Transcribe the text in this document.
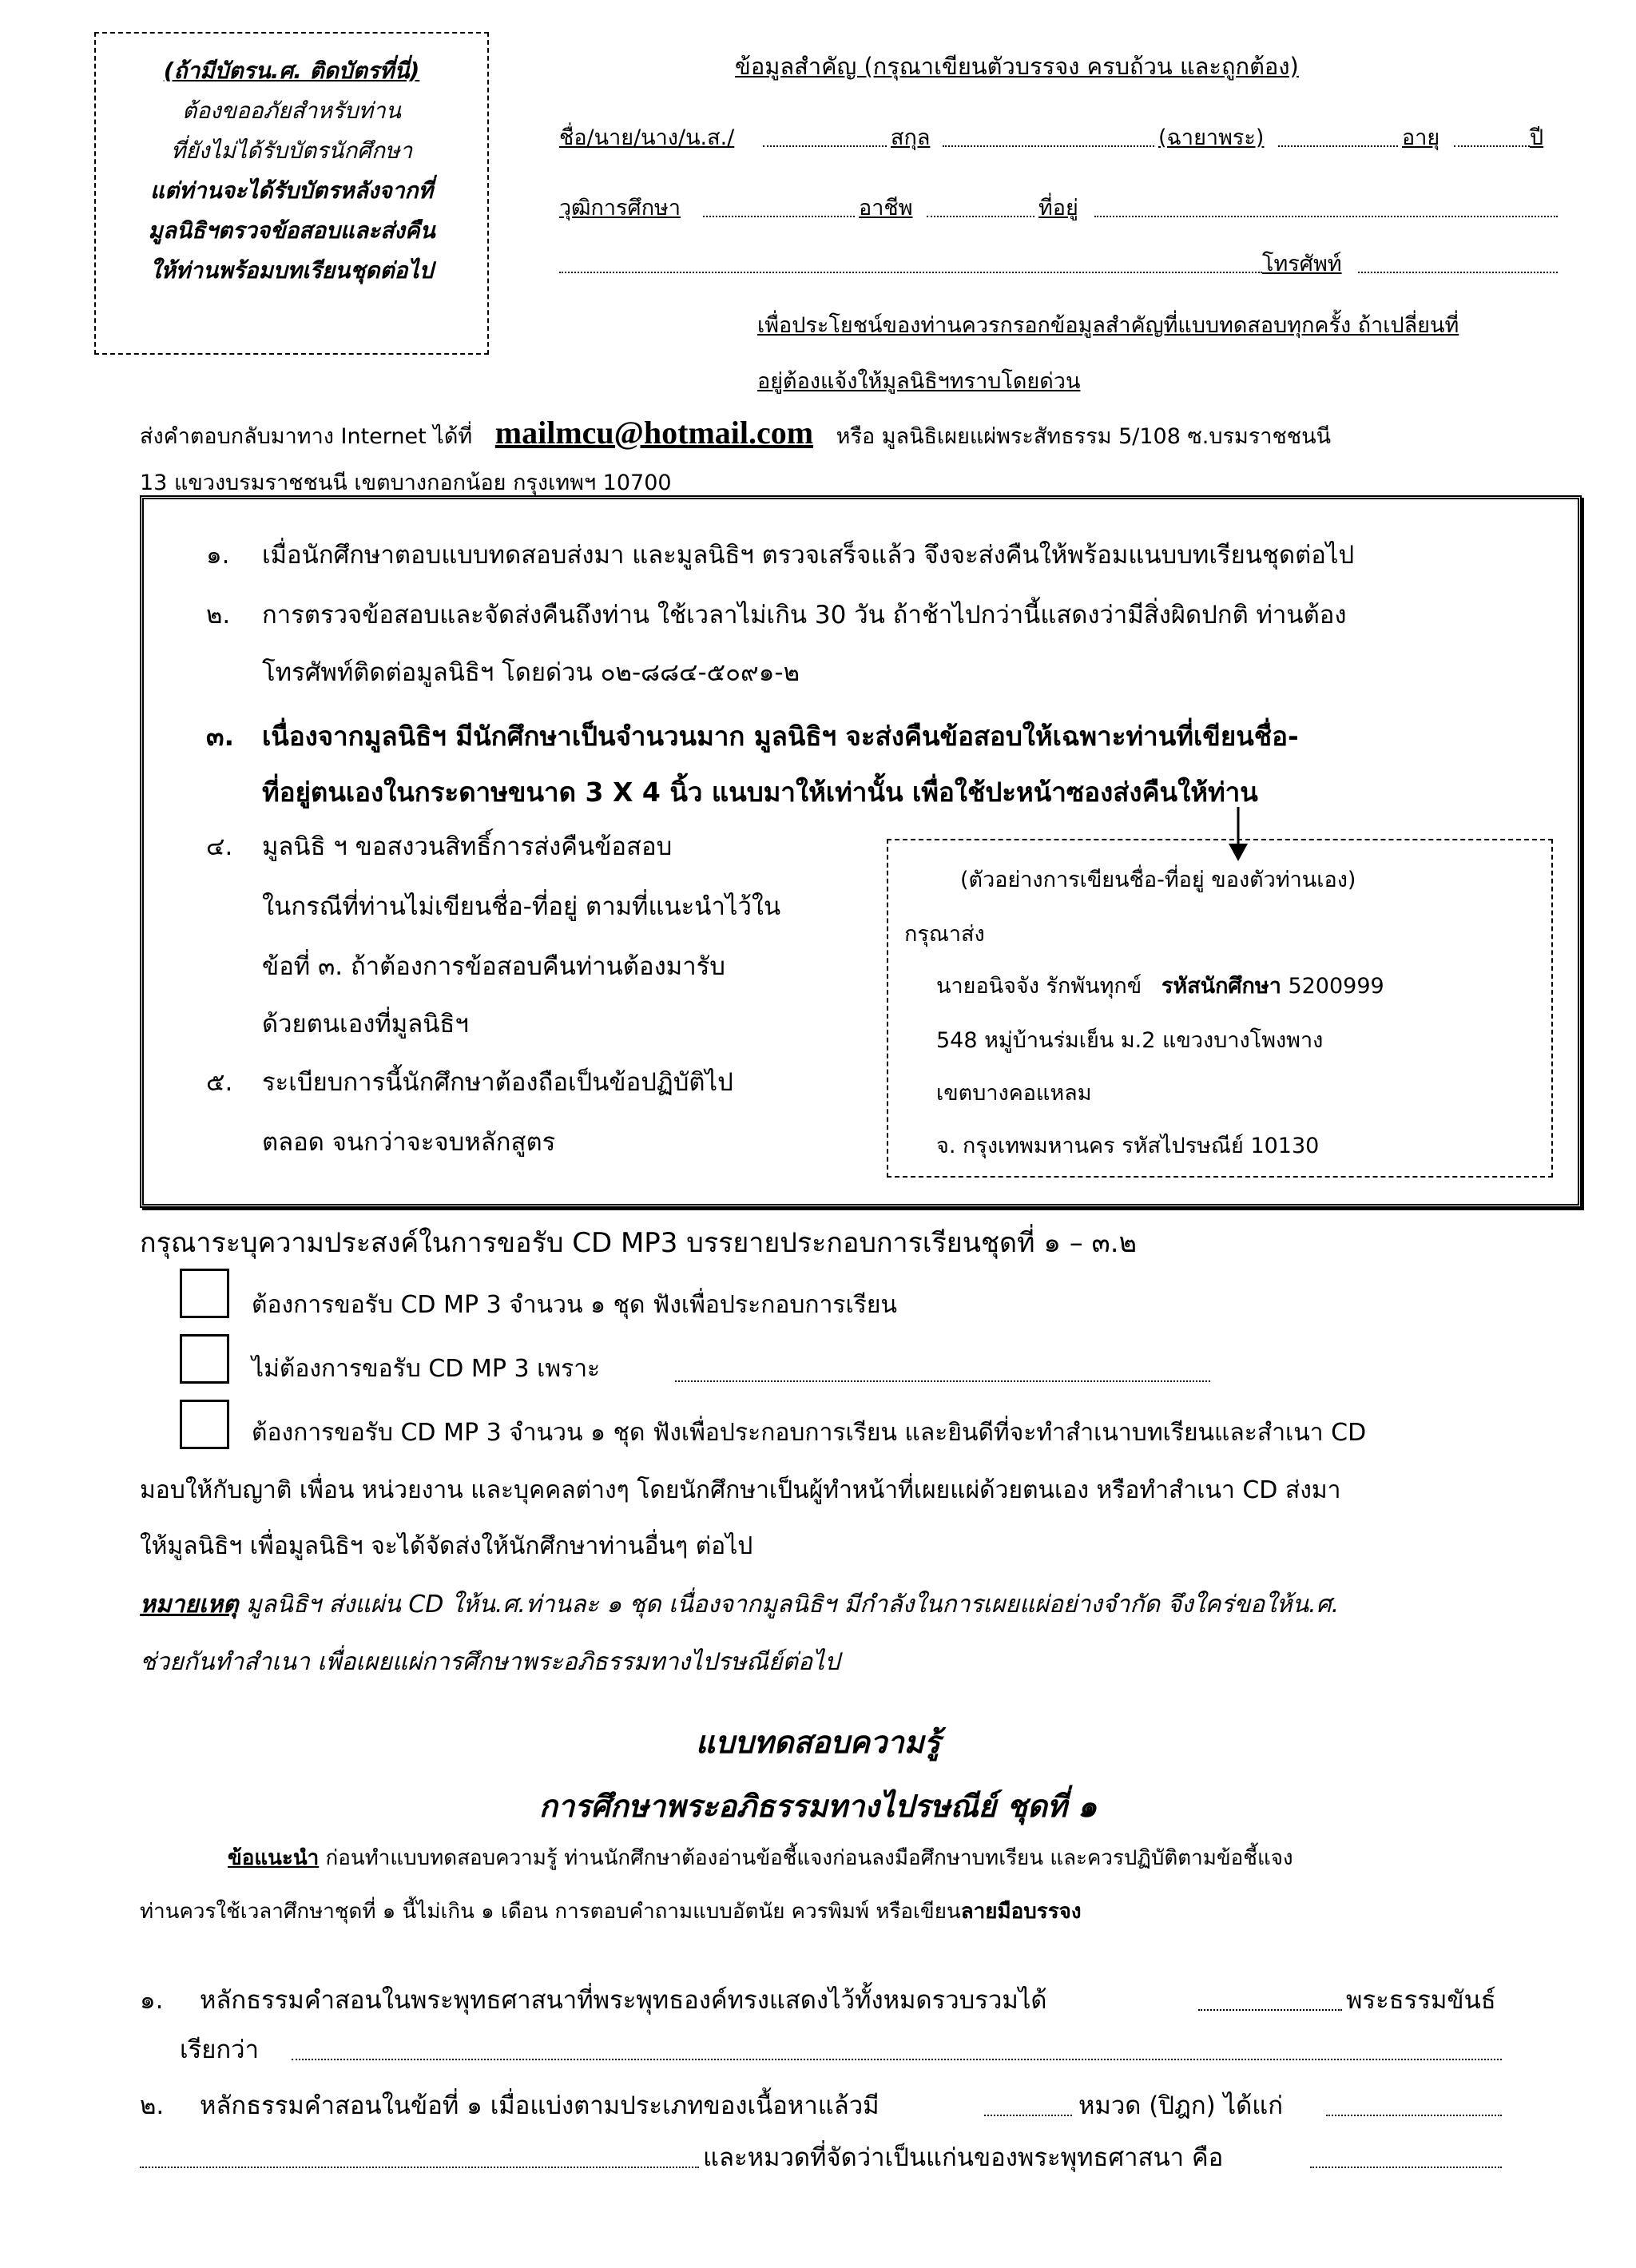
(ถ้ามีบัตรน.ศ. ติดบัตรที่นี่)
ต้องขออภัยสำหรับท่าน
ที่ยังไม่ได้รับบัตรนักศึกษา
แต่ท่านจะได้รับบัตรหลังจากที่
มูลนิธิฯตรวจข้อสอบและส่งคืน
ให้ท่านพร้อมบทเรียนชุดต่อไป
ข้อมูลสำคัญ (กรุณาเขียนตัวบรรจง ครบถ้วน และถูกต้อง)
ชื่อ/นาย/นาง/น.ส./	สกุล	(ฉายาพระ)	อายุ	ปี
วุฒิการศึกษา	อาชีพ	ที่อยู่
โทรศัพท์
เพื่อประโยชน์ของท่านควรกรอกข้อมูลสำคัญที่แบบทดสอบทุกครั้ง ถ้าเปลี่ยนที่
อยู่ต้องแจ้งให้มูลนิธิฯทราบโดยด่วน
ส่งคำตอบกลับมาทาง Internet ได้ที่ mailmcu@hotmail.com หรือ มูลนิธิเผยแผ่พระสัทธรรม 5/108 ซ.บรมราชชนนี
13 แขวงบรมราชชนนี เขตบางกอกน้อย กรุงเทพฯ 10700
๑. เมื่อนักศึกษาตอบแบบทดสอบส่งมา และมูลนิธิฯ ตรวจเสร็จแล้ว จึงจะส่งคืนให้พร้อมแนบบทเรียนชุดต่อไป
๒. การตรวจข้อสอบและจัดส่งคืนถึงท่าน ใช้เวลาไม่เกิน 30 วัน ถ้าช้าไปกว่านี้แสดงว่ามีสิ่งผิดปกติ ท่านต้อง
โทรศัพท์ติดต่อมูลนิธิฯ โดยด่วน ๐๒-๘๘๔-๕๐๙๑-๒
๓. เนื่องจากมูลนิธิฯ มีนักศึกษาเป็นจำนวนมาก มูลนิธิฯ จะส่งคืนข้อสอบให้เฉพาะท่านที่เขียนชื่อ-
ที่อยู่ตนเองในกระดาษขนาด 3 X 4 นิ้ว แนบมาให้เท่านั้น เพื่อใช้ปะหน้าซองส่งคืนให้ท่าน
๔. มูลนิธิ ฯ ขอสงวนสิทธิ์การส่งคืนข้อสอบ
ในกรณีที่ท่านไม่เขียนชื่อ-ที่อยู่ ตามที่แนะนำไว้ใน
ข้อที่ ๓. ถ้าต้องการข้อสอบคืนท่านต้องมารับ
ด้วยตนเองที่มูลนิธิฯ
๕. ระเบียบการนี้นักศึกษาต้องถือเป็นข้อปฏิบัติไป
ตลอด จนกว่าจะจบหลักสูตร
(ตัวอย่างการเขียนชื่อ-ที่อยู่ ของตัวท่านเอง)
กรุณาส่ง
นายอนิจจัง รักพันทุกข์ รหัสนักศึกษา 5200999
548 หมู่บ้านร่มเย็น ม.2 แขวงบางโพงพาง
เขตบางคอแหลม
จ. กรุงเทพมหานคร รหัสไปรษณีย์ 10130
กรุณาระบุความประสงค์ในการขอรับ CD MP3 บรรยายประกอบการเรียนชุดที่ ๑ – ๓.๒
ต้องการขอรับ CD MP 3 จำนวน ๑ ชุด ฟังเพื่อประกอบการเรียน
ไม่ต้องการขอรับ CD MP 3 เพราะ
ต้องการขอรับ CD MP 3 จำนวน ๑ ชุด ฟังเพื่อประกอบการเรียน และยินดีที่จะทำสำเนาบทเรียนและสำเนา CD
มอบให้กับญาติ เพื่อน หน่วยงาน และบุคคลต่างๆ โดยนักศึกษาเป็นผู้ทำหน้าที่เผยแผ่ด้วยตนเอง หรือทำสำเนา CD ส่งมา
ให้มูลนิธิฯ เพื่อมูลนิธิฯ จะได้จัดส่งให้นักศึกษาท่านอื่นๆ ต่อไป
หมายเหตุ มูลนิธิฯ ส่งแผ่น CD ให้น.ศ.ท่านละ ๑ ชุด เนื่องจากมูลนิธิฯ มีกำลังในการเผยแผ่อย่างจำกัด จึงใคร่ขอให้น.ศ.
ช่วยกันทำสำเนา เพื่อเผยแผ่การศึกษาพระอภิธรรมทางไปรษณีย์ต่อไป
แบบทดสอบความรู้
การศึกษาพระอภิธรรมทางไปรษณีย์ ชุดที่ ๑
ข้อแนะนำ ก่อนทำแบบทดสอบความรู้ ท่านนักศึกษาต้องอ่านข้อชี้แจงก่อนลงมือศึกษาบทเรียน และควรปฏิบัติตามข้อชี้แจง
ท่านควรใช้เวลาศึกษาชุดที่ ๑ นี้ไม่เกิน ๑ เดือน การตอบคำถามแบบอัตนัย ควรพิมพ์ หรือเขียนลายมือบรรจง
๑. หลักธรรมคำสอนในพระพุทธศาสนาที่พระพุทธองค์ทรงแสดงไว้ทั้งหมดรวบรวมได้	พระธรรมขันธ์
เรียกว่า
๒. หลักธรรมคำสอนในข้อที่ ๑ เมื่อแบ่งตามประเภทของเนื้อหาแล้วมี	หมวด (ปิฎก) ได้แก่
และหมวดที่จัดว่าเป็นแก่นของพระพุทธศาสนา คือ
